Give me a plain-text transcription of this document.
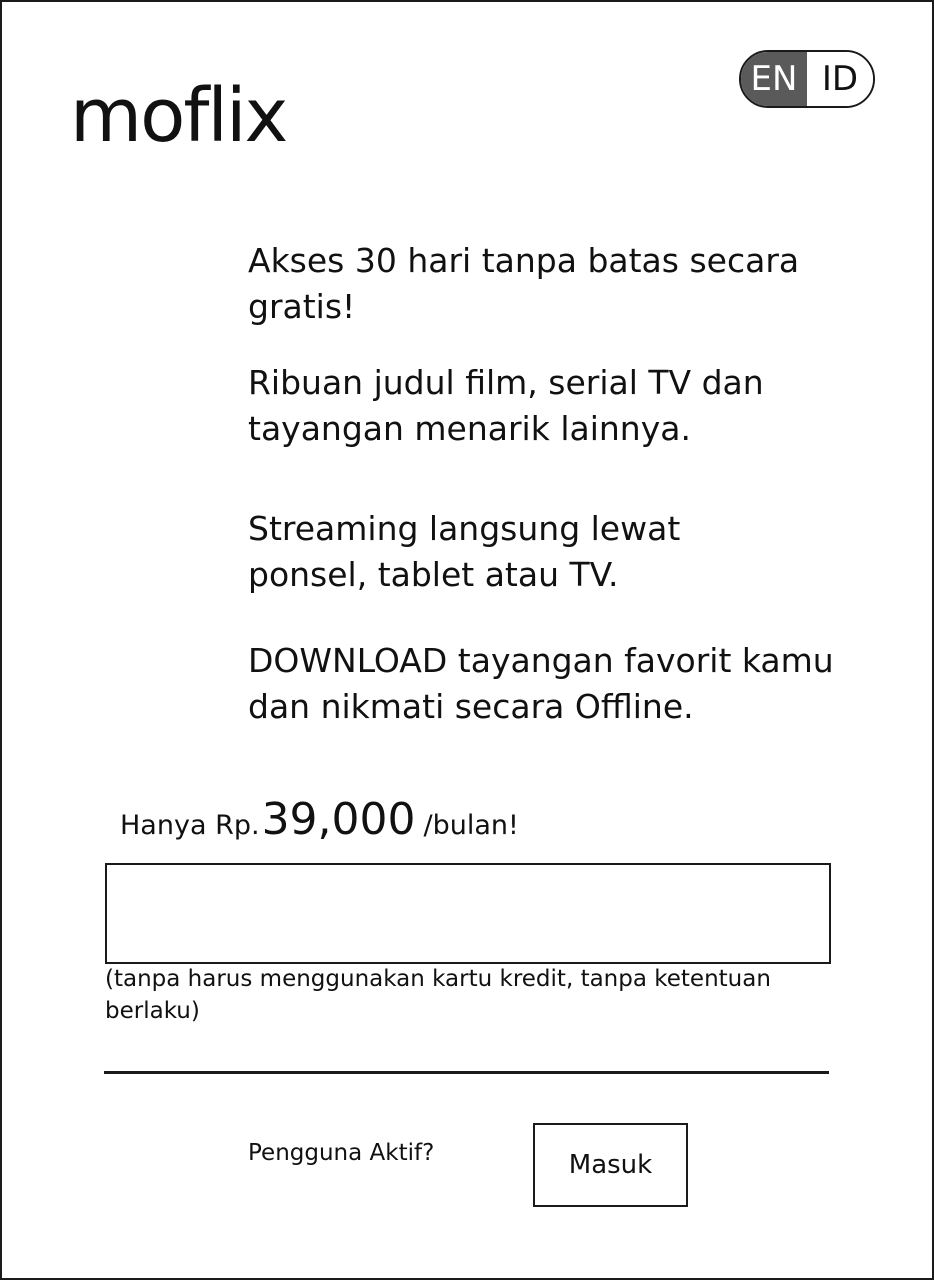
moflix	EN ID
Akses 30 hari tanpa batas secara
gratis!
Ribuan judul film, serial TV dan
tayangan menarik lainnya.
Streaming langsung lewat
ponsel, tablet atau TV.
DOWNLOAD tayangan favorit kamu
dan nikmati secara Offline.
Hanya Rp. 39,000 /bulan!
(tanpa harus menggunakan kartu kredit, tanpa ketentuan
berlaku)
Pengguna Aktif?	Masuk
